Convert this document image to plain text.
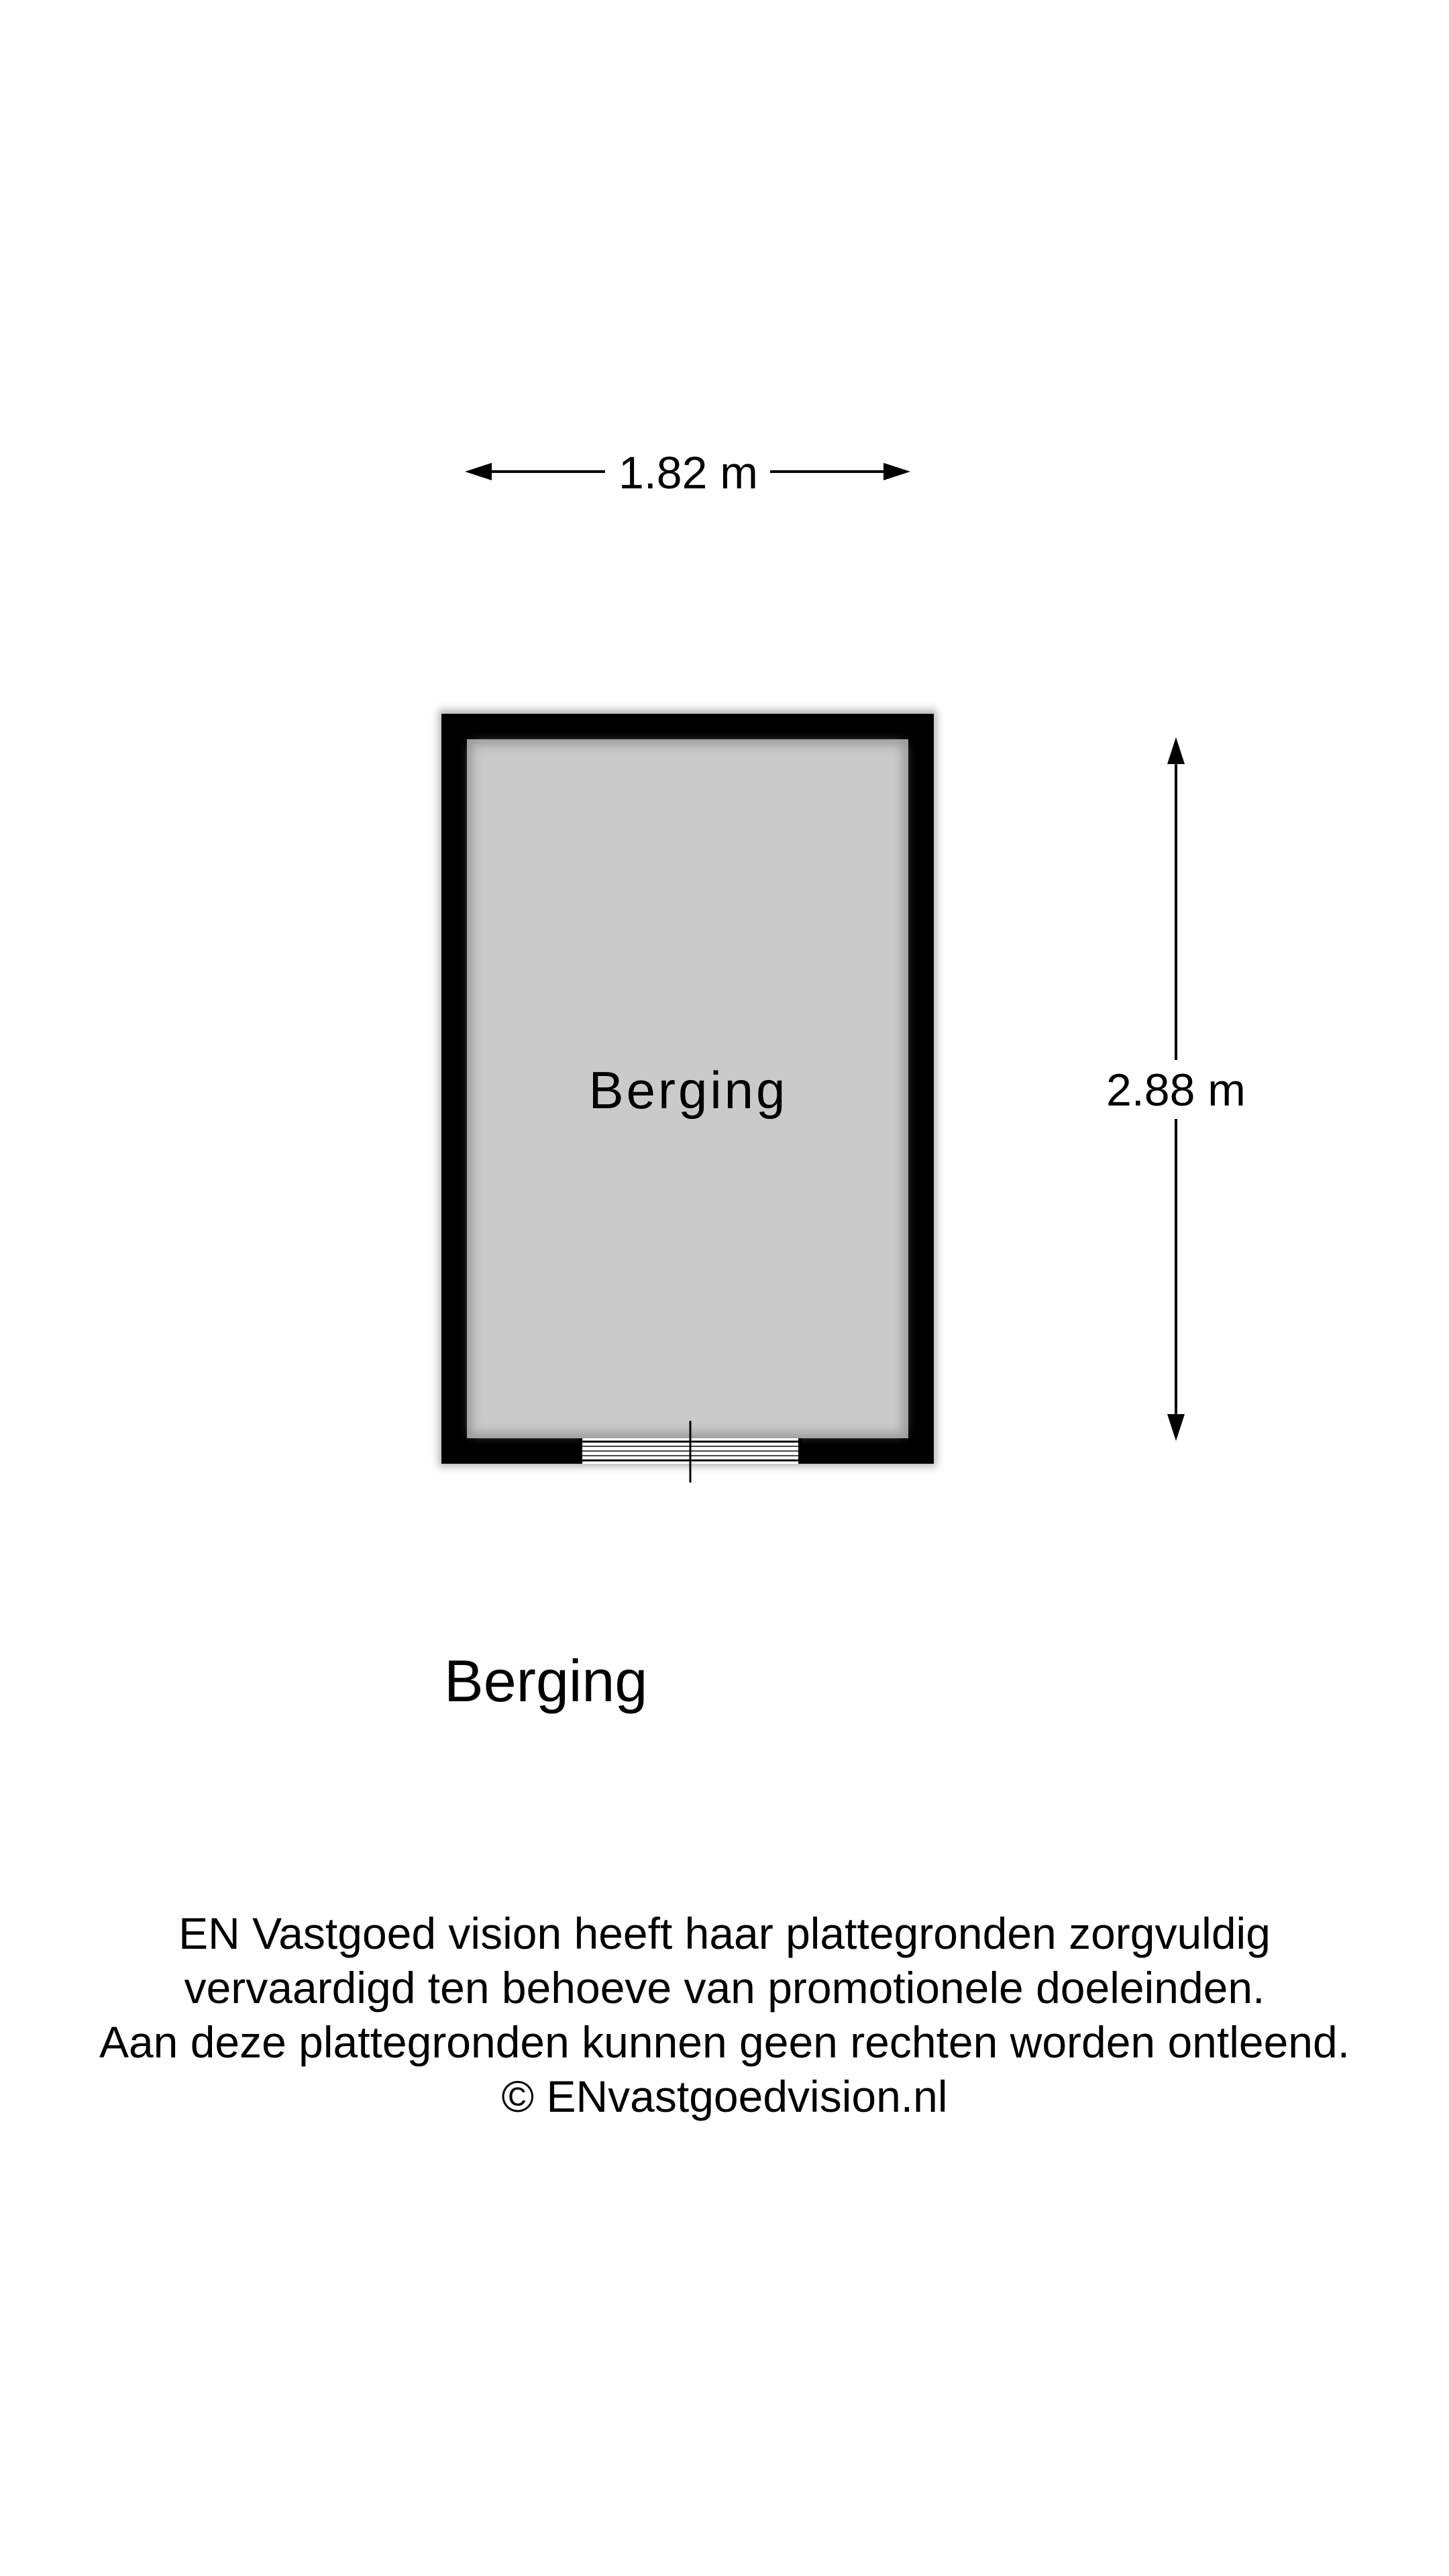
1.82 m
Berging	2.88 m
Berging
EN Vastgoed vision heeft haar plattegronden zorgvuldig
vervaardigd ten behoeve van promotionele doeleinden.
Aan deze plattegronden kunnen geen rechten worden ontleend.
© ENvastgoedvision.nl
